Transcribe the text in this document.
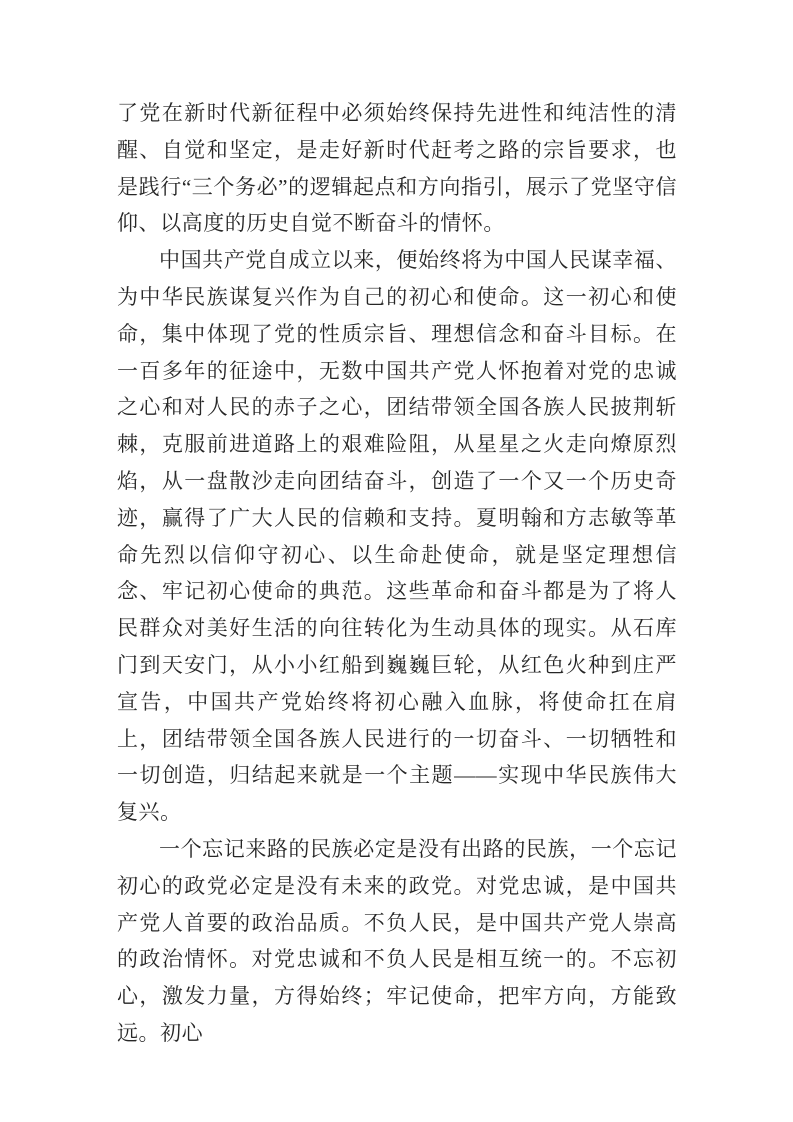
了党在新时代新征程中必须始终保持先进性和纯洁性的清醒、自觉和坚定，是走好新时代赶考之路的宗旨要求，也是践行“三个务必”的逻辑起点和方向指引，展示了党坚守信仰、以高度的历史自觉不断奋斗的情怀。

中国共产党自成立以来，便始终将为中国人民谋幸福、为中华民族谋复兴作为自己的初心和使命。这一初心和使命，集中体现了党的性质宗旨、理想信念和奋斗目标。在一百多年的征途中，无数中国共产党人怀抱着对党的忠诚之心和对人民的赤子之心，团结带领全国各族人民披荆斩棘，克服前进道路上的艰难险阻，从星星之火走向燎原烈焰，从一盘散沙走向团结奋斗，创造了一个又一个历史奇迹，赢得了广大人民的信赖和支持。夏明翰和方志敏等革命先烈以信仰守初心、以生命赴使命，就是坚定理想信念、牢记初心使命的典范。这些革命和奋斗都是为了将人民群众对美好生活的向往转化为生动具体的现实。从石库门到天安门，从小小红船到巍巍巨轮，从红色火种到庄严宣告，中国共产党始终将初心融入血脉，将使命扛在肩上，团结带领全国各族人民进行的一切奋斗、一切牺牲和一切创造，归结起来就是一个主题——实现中华民族伟大复兴。

一个忘记来路的民族必定是没有出路的民族，一个忘记初心的政党必定是没有未来的政党。对党忠诚，是中国共产党人首要的政治品质。不负人民，是中国共产党人崇高的政治情怀。对党忠诚和不负人民是相互统一的。不忘初心，激发力量，方得始终；牢记使命，把牢方向，方能致远。初心
